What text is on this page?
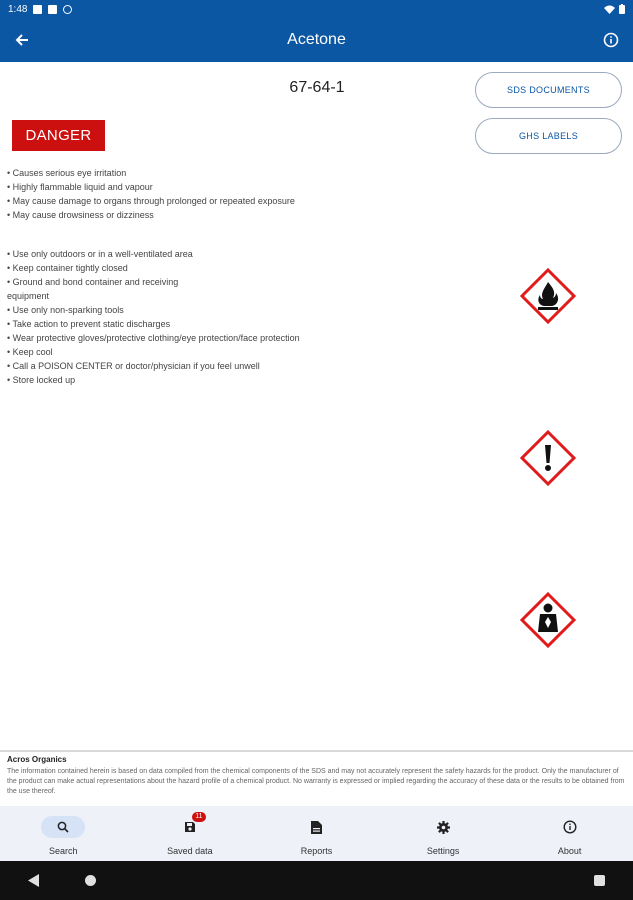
1:48
Acetone
67-64-1	SDS DOCUMENTS
GHS LABELS
DANGER
• Causes serious eye irritation
• Highly flammable liquid and vapour
• May cause damage to organs through prolonged or repeated exposure
• May cause drowsiness or dizziness
• Use only outdoors or in a well-ventilated area
• Keep container tightly closed
• Ground and bond container and receiving
equipment
• Use only non-sparking tools
• Take action to prevent static discharges
• Wear protective gloves/protective clothing/eye protection/face protection
• Keep cool
• Call a POISON CENTER or doctor/physician if you feel unwell
• Store locked up
Acros Organics
The information contained herein is based on data compiled from the chemical components of the SDS and may not accurately represent the safety hazards for the product. Only the manufacturer of the product can make actual representations about the hazard profile of a chemical product. No warranty is expressed or implied regarding the accuracy of these data or the results to be obtained from the use thereof.
Search
11
Saved data	Reports	Settings	About
